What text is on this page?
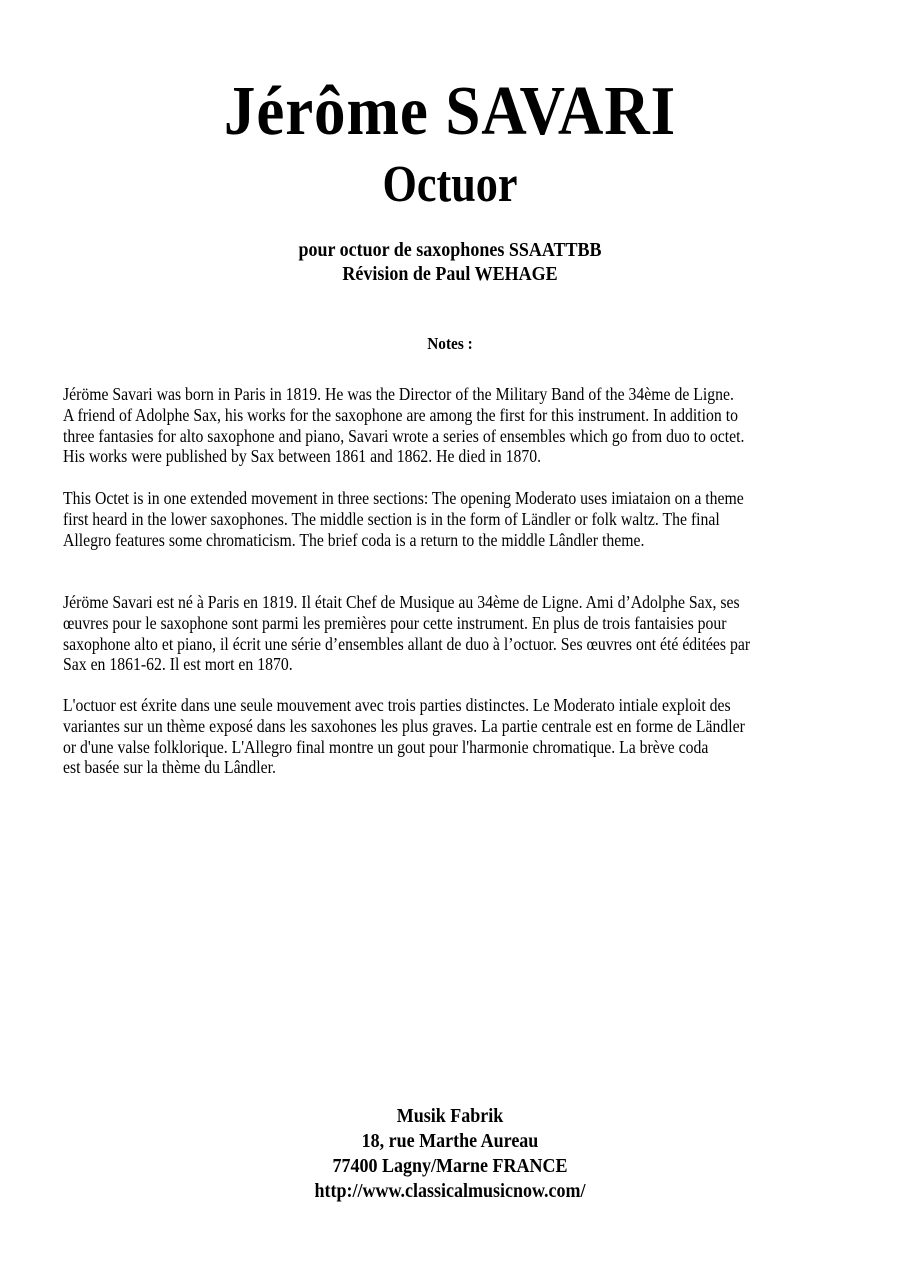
Jérôme SAVARI
Octuor
pour octuor de saxophones SSAATTBB
Révision de Paul WEHAGE
Notes :
Jéröme Savari was born in Paris in 1819. He was the Director of the Military Band of the 34ème de Ligne.
A friend of Adolphe Sax, his works for the saxophone are among the first for this instrument. In addition to
three fantasies for alto saxophone and piano, Savari wrote a series of ensembles which go from duo to octet.
His works were published by Sax between 1861 and 1862. He died in 1870.
This Octet is in one extended movement in three sections: The opening Moderato uses imiataion on a theme
first heard in the lower saxophones. The middle section is in the form of Ländler or folk waltz. The final
Allegro features some chromaticism. The brief coda is a return to the middle Lândler theme.
Jéröme Savari est né à Paris en 1819. Il était Chef de Musique au 34ème de Ligne. Ami d’Adolphe Sax, ses
œuvres pour le saxophone sont parmi les premières pour cette instrument. En plus de trois fantaisies pour
saxophone alto et piano, il écrit une série d’ensembles allant de duo à l’octuor. Ses œuvres ont été éditées par
Sax en 1861-62. Il est mort en 1870.
L'octuor est éxrite dans une seule mouvement avec trois parties distinctes. Le Moderato intiale exploit des
variantes sur un thème exposé dans les saxohones les plus graves. La partie centrale est en forme de Ländler
or d'une valse folklorique. L'Allegro final montre un gout pour l'harmonie chromatique. La brève coda
est basée sur la thème du Lândler.
Musik Fabrik
18, rue Marthe Aureau
77400 Lagny/Marne FRANCE
http://www.classicalmusicnow.com/
